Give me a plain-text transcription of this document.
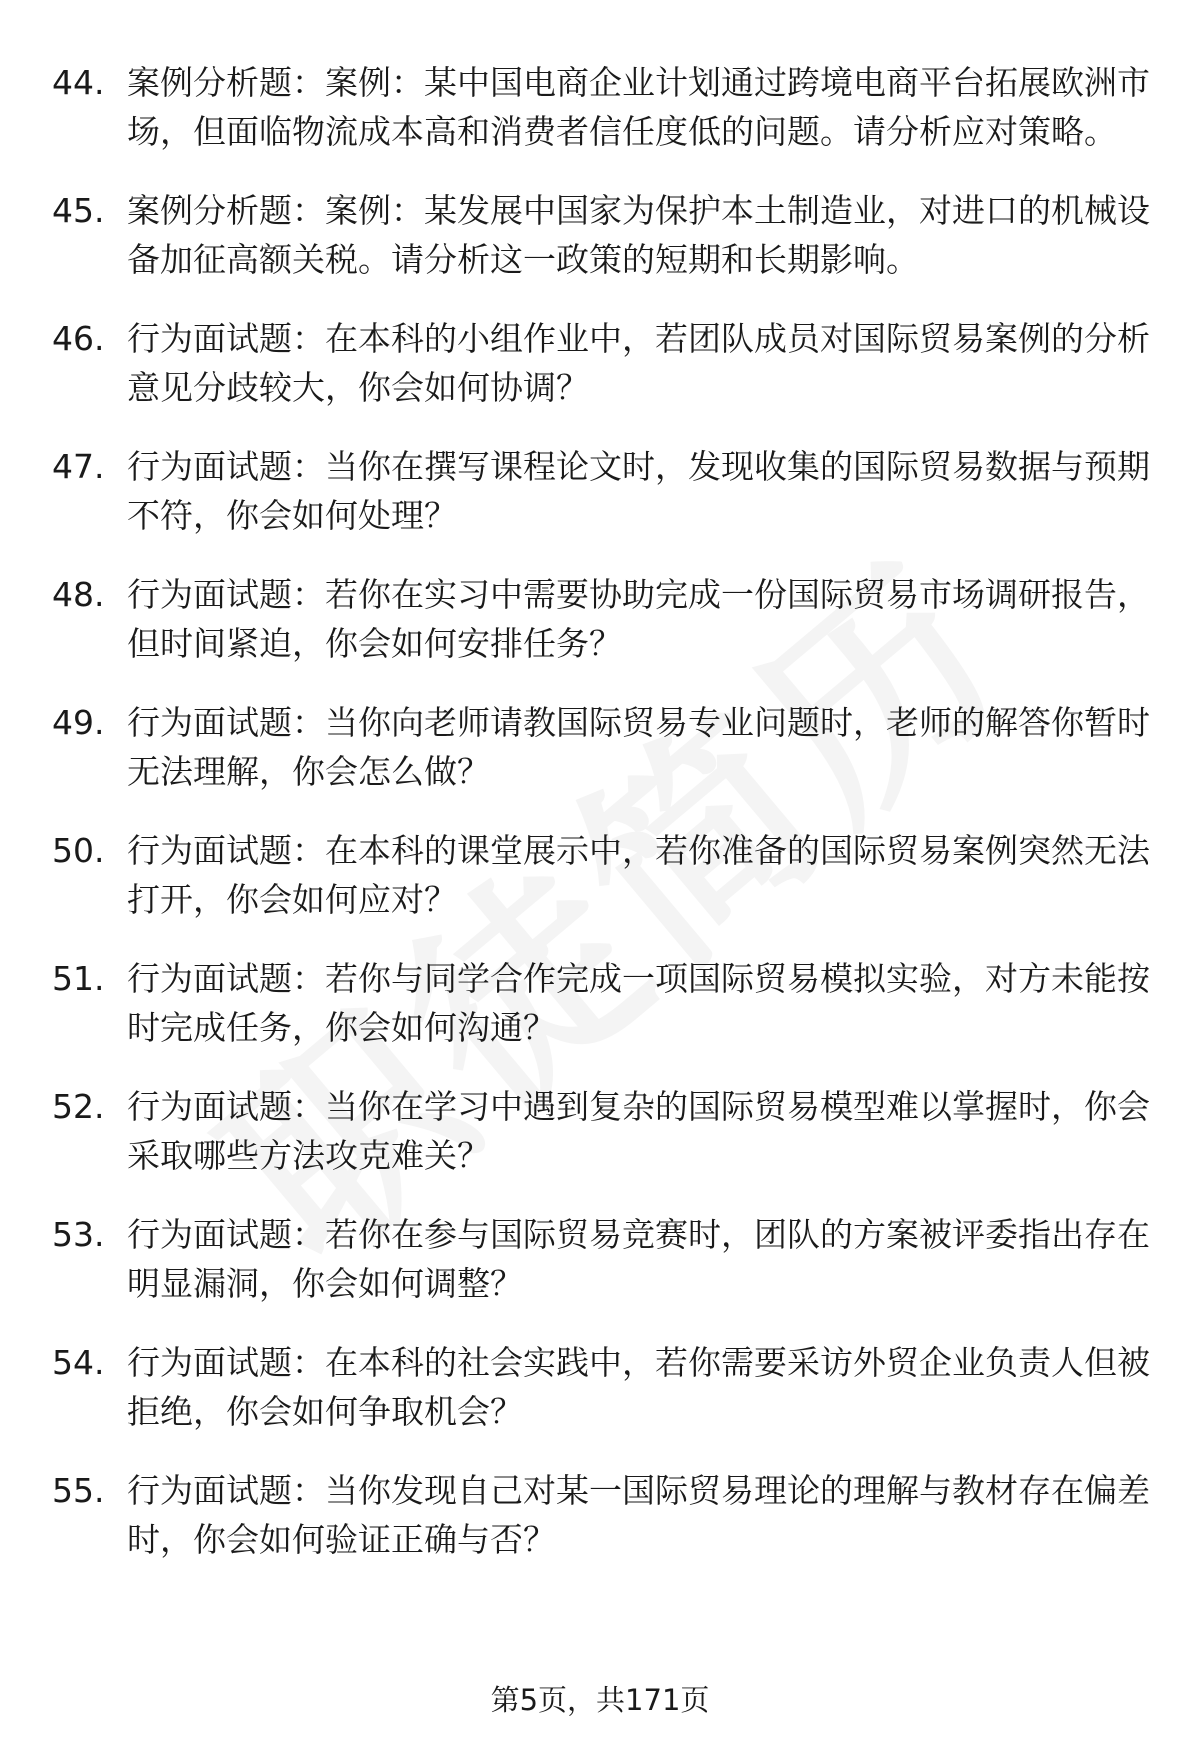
44. 案例分析题：案例：某中国电商企业计划通过跨境电商平台拓展欧洲市场，但面临物流成本高和消费者信任度低的问题。请分析应对策略。
45. 案例分析题：案例：某发展中国家为保护本土制造业，对进口的机械设备加征高额关税。请分析这一政策的短期和长期影响。
46. 行为面试题：在本科的小组作业中，若团队成员对国际贸易案例的分析意见分歧较大，你会如何协调？
47. 行为面试题：当你在撰写课程论文时，发现收集的国际贸易数据与预期不符，你会如何处理？
48. 行为面试题：若你在实习中需要协助完成一份国际贸易市场调研报告，但时间紧迫，你会如何安排任务？
49. 行为面试题：当你向老师请教国际贸易专业问题时，老师的解答你暂时无法理解，你会怎么做？
50. 行为面试题：在本科的课堂展示中，若你准备的国际贸易案例突然无法打开，你会如何应对？
51. 行为面试题：若你与同学合作完成一项国际贸易模拟实验，对方未能按时完成任务，你会如何沟通？
52. 行为面试题：当你在学习中遇到复杂的国际贸易模型难以掌握时，你会采取哪些方法攻克难关？
53. 行为面试题：若你在参与国际贸易竞赛时，团队的方案被评委指出存在明显漏洞，你会如何调整？
54. 行为面试题：在本科的社会实践中，若你需要采访外贸企业负责人但被拒绝，你会如何争取机会？
55. 行为面试题：当你发现自己对某一国际贸易理论的理解与教材存在偏差时，你会如何验证正确与否？
第5页，共171页
